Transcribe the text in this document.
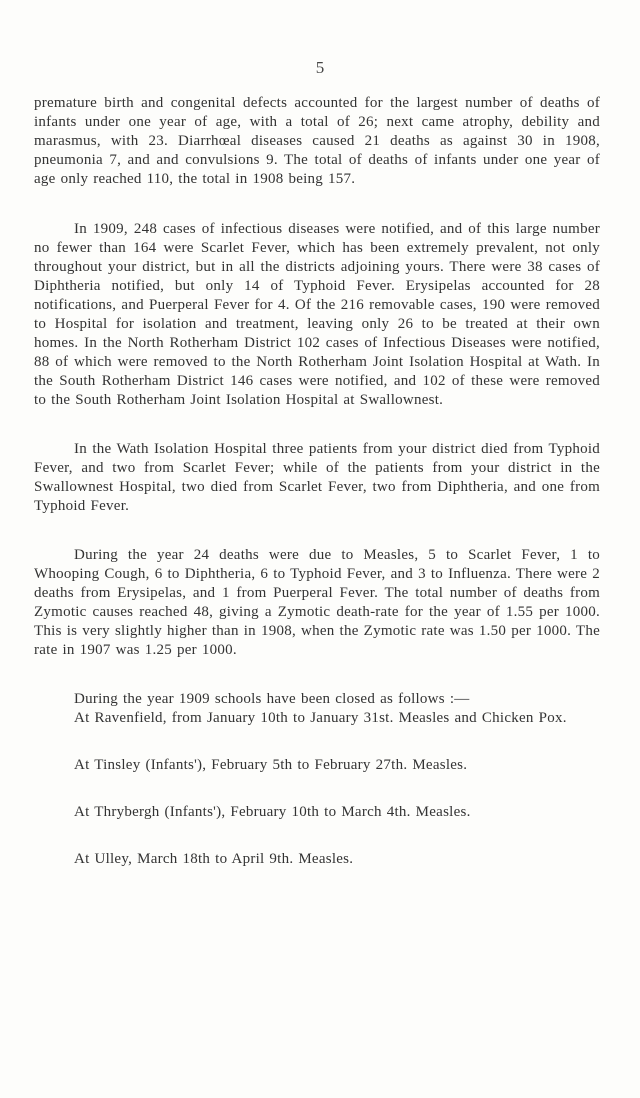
5

premature birth and congenital defects accounted for the largest number of deaths of infants under one year of age, with a total of 26; next came atrophy, debility and marasmus, with 23. Diarrhœal diseases caused 21 deaths as against 30 in 1908, pneumonia 7, and and convulsions 9. The total of deaths of infants under one year of age only reached 110, the total in 1908 being 157.

In 1909, 248 cases of infectious diseases were notified, and of this large number no fewer than 164 were Scarlet Fever, which has been extremely prevalent, not only throughout your district, but in all the districts adjoining yours. There were 38 cases of Diphtheria notified, but only 14 of Typhoid Fever. Erysipelas accounted for 28 notifications, and Puerperal Fever for 4. Of the 216 removable cases, 190 were removed to Hospital for isolation and treatment, leaving only 26 to be treated at their own homes. In the North Rotherham District 102 cases of Infectious Diseases were notified, 88 of which were removed to the North Rotherham Joint Isolation Hospital at Wath. In the South Rotherham District 146 cases were notified, and 102 of these were removed to the South Rotherham Joint Isolation Hospital at Swallownest.

In the Wath Isolation Hospital three patients from your district died from Typhoid Fever, and two from Scarlet Fever; while of the patients from your district in the Swallownest Hospital, two died from Scarlet Fever, two from Diphtheria, and one from Typhoid Fever.

During the year 24 deaths were due to Measles, 5 to Scarlet Fever, 1 to Whooping Cough, 6 to Diphtheria, 6 to Typhoid Fever, and 3 to Influenza. There were 2 deaths from Erysipelas, and 1 from Puerperal Fever. The total number of deaths from Zymotic causes reached 48, giving a Zymotic death-rate for the year of 1.55 per 1000. This is very slightly higher than in 1908, when the Zymotic rate was 1.50 per 1000. The rate in 1907 was 1.25 per 1000.

During the year 1909 schools have been closed as follows :—

At Ravenfield, from January 10th to January 31st. Measles and Chicken Pox.

At Tinsley (Infants'), February 5th to February 27th. Measles.

At Thrybergh (Infants'), February 10th to March 4th. Measles.

At Ulley, March 18th to April 9th. Measles.
